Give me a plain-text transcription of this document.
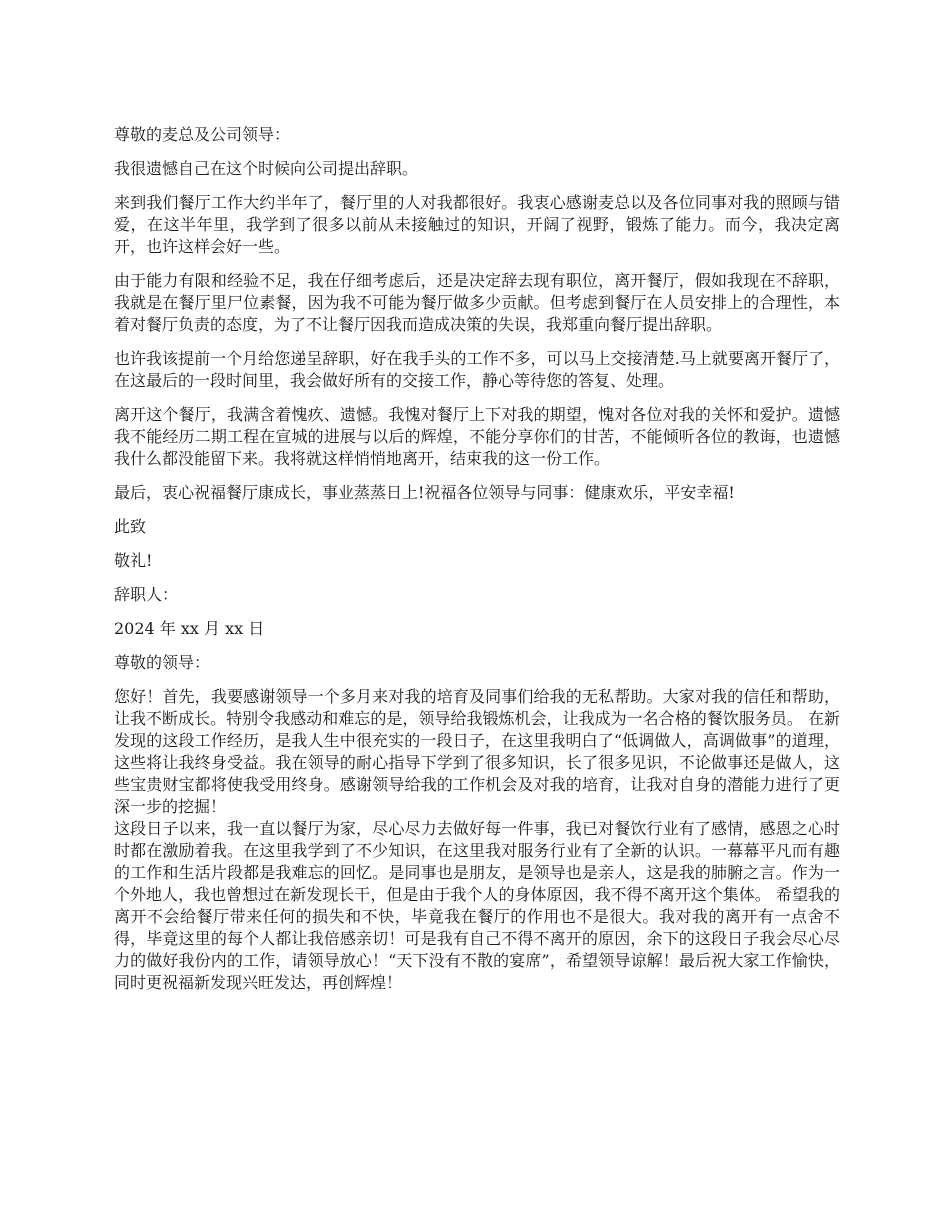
尊敬的麦总及公司领导：

我很遗憾自己在这个时候向公司提出辞职。

来到我们餐厅工作大约半年了，餐厅里的人对我都很好。我衷心感谢麦总以及各位同事对我的照顾与错爱，在这半年里，我学到了很多以前从未接触过的知识，开阔了视野，锻炼了能力。而今，我决定离开，也许这样会好一些。

由于能力有限和经验不足，我在仔细考虑后，还是决定辞去现有职位，离开餐厅，假如我现在不辞职，我就是在餐厅里尸位素餐，因为我不可能为餐厅做多少贡献。但考虑到餐厅在人员安排上的合理性，本着对餐厅负责的态度，为了不让餐厅因我而造成决策的失误，我郑重向餐厅提出辞职。

也许我该提前一个月给您递呈辞职，好在我手头的工作不多，可以马上交接清楚.马上就要离开餐厅了，在这最后的一段时间里，我会做好所有的交接工作，静心等待您的答复、处理。

离开这个餐厅，我满含着愧疚、遗憾。我愧对餐厅上下对我的期望，愧对各位对我的关怀和爱护。遗憾我不能经历二期工程在宣城的进展与以后的辉煌，不能分享你们的甘苦，不能倾听各位的教诲，也遗憾我什么都没能留下来。我将就这样悄悄地离开，结束我的这一份工作。

最后，衷心祝福餐厅康成长，事业蒸蒸日上!祝福各位领导与同事：健康欢乐，平安幸福!

此致

敬礼!

辞职人：

2024 年 xx 月 xx 日

尊敬的领导：

您好！首先，我要感谢领导一个多月来对我的培育及同事们给我的无私帮助。大家对我的信任和帮助，让我不断成长。特别令我感动和难忘的是，领导给我锻炼机会，让我成为一名合格的餐饮服务员。 在新发现的这段工作经历，是我人生中很充实的一段日子，在这里我明白了“低调做人，高调做事”的道理，这些将让我终身受益。我在领导的耐心指导下学到了很多知识，长了很多见识，不论做事还是做人，这些宝贵财宝都将使我受用终身。感谢领导给我的工作机会及对我的培育，让我对自身的潜能力进行了更深一步的挖掘！

这段日子以来，我一直以餐厅为家，尽心尽力去做好每一件事，我已对餐饮行业有了感情，感恩之心时时都在激励着我。在这里我学到了不少知识，在这里我对服务行业有了全新的认识。一幕幕平凡而有趣的工作和生活片段都是我难忘的回忆。是同事也是朋友，是领导也是亲人，这是我的肺腑之言。作为一个外地人，我也曾想过在新发现长干，但是由于我个人的身体原因，我不得不离开这个集体。 希望我的离开不会给餐厅带来任何的损失和不快，毕竟我在餐厅的作用也不是很大。我对我的离开有一点舍不得，毕竟这里的每个人都让我倍感亲切！可是我有自己不得不离开的原因，余下的这段日子我会尽心尽力的做好我份内的工作，请领导放心！“天下没有不散的宴席”，希望领导谅解！最后祝大家工作愉快，同时更祝福新发现兴旺发达，再创辉煌！
